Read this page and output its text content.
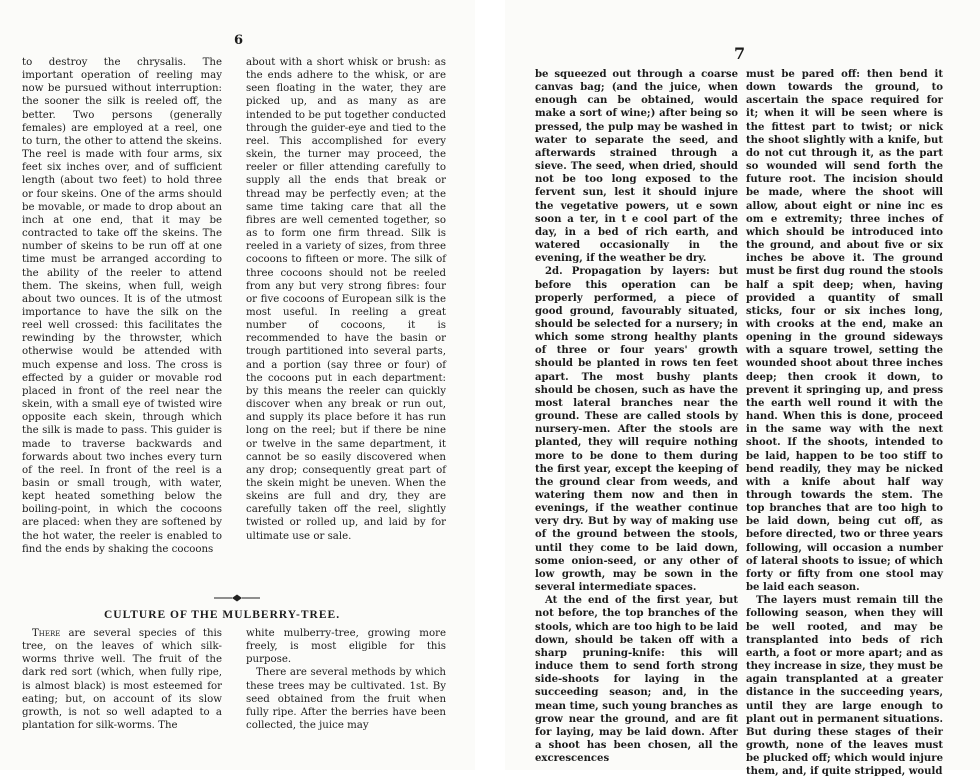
6

to destroy the chrysalis. The important operation of reeling may now be pursued without interruption: the sooner the silk is reeled off, the better. Two persons (generally females) are employed at a reel, one to turn, the other to attend the skeins. The reel is made with four arms, six feet six inches over, and of sufficient length (about two feet) to hold three or four skeins. One of the arms should be movable, or made to drop about an inch at one end, that it may be contracted to take off the skeins. The number of skeins to be run off at one time must be arranged according to the ability of the reeler to attend them. The skeins, when full, weigh about two ounces. It is of the utmost importance to have the silk on the reel well crossed: this facilitates the rewinding by the throwster, which otherwise would be attended with much expense and loss. The cross is effected by a guider or movable rod placed in front of the reel near the skein, with a small eye of twisted wire opposite each skein, through which the silk is made to pass. This guider is made to traverse backwards and forwards about two inches every turn of the reel. In front of the reel is a basin or small trough, with water, kept heated something below the boiling-point, in which the cocoons are placed: when they are softened by the hot water, the reeler is enabled to find the ends by shaking the cocoons

about with a short whisk or brush: as the ends adhere to the whisk, or are seen floating in the water, they are picked up, and as many as are intended to be put together conducted through the guider-eye and tied to the reel. This accomplished for every skein, the turner may proceed, the reeler or filler attending carefully to supply all the ends that break or thread may be perfectly even; at the same time taking care that all the fibres are well cemented together, so as to form one firm thread. Silk is reeled in a variety of sizes, from three cocoons to fifteen or more. The silk of three cocoons should not be reeled from any but very strong fibres: four or five cocoons of European silk is the most useful. In reeling a great number of cocoons, it is recommended to have the basin or trough partitioned into several parts, and a portion (say three or four) of the cocoons put in each department: by this means the reeler can quickly discover when any break or run out, and supply its place before it has run long on the reel; but if there be nine or twelve in the same department, it cannot be so easily discovered when any drop; consequently great part of the skein might be uneven. When the skeins are full and dry, they are carefully taken off the reel, slightly twisted or rolled up, and laid by for ultimate use or sale.

CULTURE OF THE MULBERRY-TREE.

There are several species of this tree, on the leaves of which silk-worms thrive well. The fruit of the dark red sort (which, when fully ripe, is almost black) is most esteemed for eating; but, on account of its slow growth, is not so well adapted to a plantation for silk-worms. The

white mulberry-tree, growing more freely, is most eligible for this purpose.

There are several methods by which these trees may be cultivated. 1st. By seed obtained from the fruit when fully ripe. After the berries have been collected, the juice may

7

be squeezed out through a coarse canvas bag; (and the juice, when enough can be obtained, would make a sort of wine;) after being so pressed, the pulp may be washed in water to separate the seed, and afterwards strained through a sieve. The seed, when dried, should not be too long exposed to the fervent sun, lest it should injure the vegetative powers, ut e sown soon a ter, in t e cool part of the day, in a bed of rich earth, and watered occasionally in the evening, if the weather be dry.

2d. Propagation by layers: but before this operation can be properly performed, a piece of good ground, favourably situated, should be selected for a nursery; in which some strong healthy plants of three or four years' growth should be planted in rows ten feet apart. The most bushy plants should be chosen, such as have the most lateral branches near the ground. These are called stools by nursery-men. After the stools are planted, they will require nothing more to be done to them during the first year, except the keeping of the ground clear from weeds, and watering them now and then in evenings, if the weather continue very dry. But by way of making use of the ground between the stools, until they come to be laid down, some onion-seed, or any other of low growth, may be sown in the several intermediate spaces.

At the end of the first year, but not before, the top branches of the stools, which are too high to be laid down, should be taken off with a sharp pruning-knife: this will induce them to send forth strong side-shoots for laying in the succeeding season; and, in the mean time, such young branches as grow near the ground, and are fit for laying, may be laid down. After a shoot has been chosen, all the excrescences

must be pared off: then bend it down towards the ground, to ascertain the space required for it; when it will be seen where is the fittest part to twist; or nick the shoot slightly with a knife, but do not cut through it, as the part so wounded will send forth the future root. The incision should be made, where the shoot will allow, about eight or nine inc es om e extremity; three inches of which should be introduced into the ground, and about five or six inches be above it. The ground must be first dug round the stools half a spit deep; when, having provided a quantity of small sticks, four or six inches long, with crooks at the end, make an opening in the ground sideways with a square trowel, setting the wounded shoot about three inches deep; then crook it down, to prevent it springing up, and press the earth well round it with the hand. When this is done, proceed in the same way with the next shoot. If the shoots, intended to be laid, happen to be too stiff to bend readily, they may be nicked with a knife about half way through towards the stem. The top branches that are too high to be laid down, being cut off, as before directed, two or three years following, will occasion a number of lateral shoots to issue; of which forty or fifty from one stool may be laid each season.

The layers must remain till the following season, when they will be well rooted, and may be transplanted into beds of rich earth, a foot or more apart; and as they increase in size, they must be again transplanted at a greater distance in the succeeding years, until they are large enough to plant out in permanent situations. But during these stages of their growth, none of the leaves must be plucked off; which would injure them, and, if quite stripped, would
